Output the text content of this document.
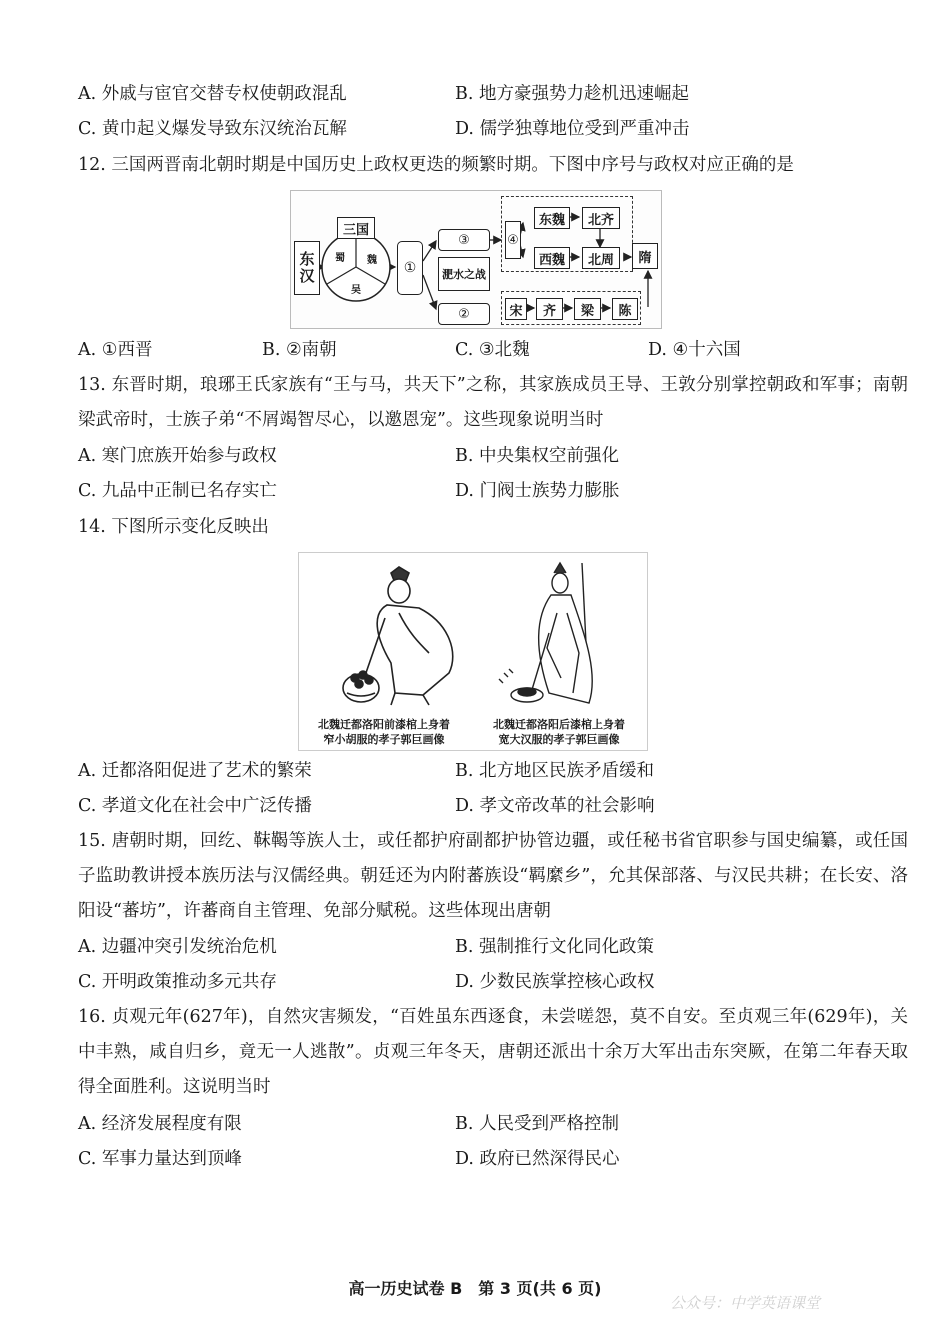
A. 外戚与宦官交替专权使朝政混乱	B. 地方豪强势力趁机迅速崛起
C. 黄巾起义爆发导致东汉统治瓦解	D. 儒学独尊地位受到严重冲击
12. 三国两晋南北朝时期是中国历史上政权更迭的频繁时期。下图中序号与政权对应正确的是
东汉
三国
蜀 魏
吴
①
③
淝水之战
②
④
东魏	北齐
西魏	北周	隋
宋	齐	梁	陈
A. ①西晋	B. ②南朝	C. ③北魏	D. ④十六国
13. 东晋时期，琅琊王氏家族有“王与马，共天下”之称，其家族成员王导、王敦分别掌控朝政和军事；南朝梁武帝时，士族子弟“不屑竭智尽心，以邀恩宠”。这些现象说明当时
A. 寒门庶族开始参与政权	B. 中央集权空前强化
C. 九品中正制已名存实亡	D. 门阀士族势力膨胀
14. 下图所示变化反映出
北魏迁都洛阳前漆棺上身着
窄小胡服的孝子郭巨画像
北魏迁都洛阳后漆棺上身着
宽大汉服的孝子郭巨画像
A. 迁都洛阳促进了艺术的繁荣	B. 北方地区民族矛盾缓和
C. 孝道文化在社会中广泛传播	D. 孝文帝改革的社会影响
15. 唐朝时期，回纥、靺鞨等族人士，或任都护府副都护协管边疆，或任秘书省官职参与国史编纂，或任国子监助教讲授本族历法与汉儒经典。朝廷还为内附蕃族设“羁縻乡”，允其保部落、与汉民共耕；在长安、洛阳设“蕃坊”，许蕃商自主管理、免部分赋税。这些体现出唐朝
A. 边疆冲突引发统治危机	B. 强制推行文化同化政策
C. 开明政策推动多元共存	D. 少数民族掌控核心政权
16. 贞观元年(627年)，自然灾害频发，“百姓虽东西逐食，未尝嗟怨，莫不自安。至贞观三年(629年)，关中丰熟，咸自归乡，竟无一人逃散”。贞观三年冬天，唐朝还派出十余万大军出击东突厥，在第二年春天取得全面胜利。这说明当时
A. 经济发展程度有限	B. 人民受到严格控制
C. 军事力量达到顶峰	D. 政府已然深得民心
高一历史试卷 B　第 3 页(共 6 页)
公众号：中学英语课堂
